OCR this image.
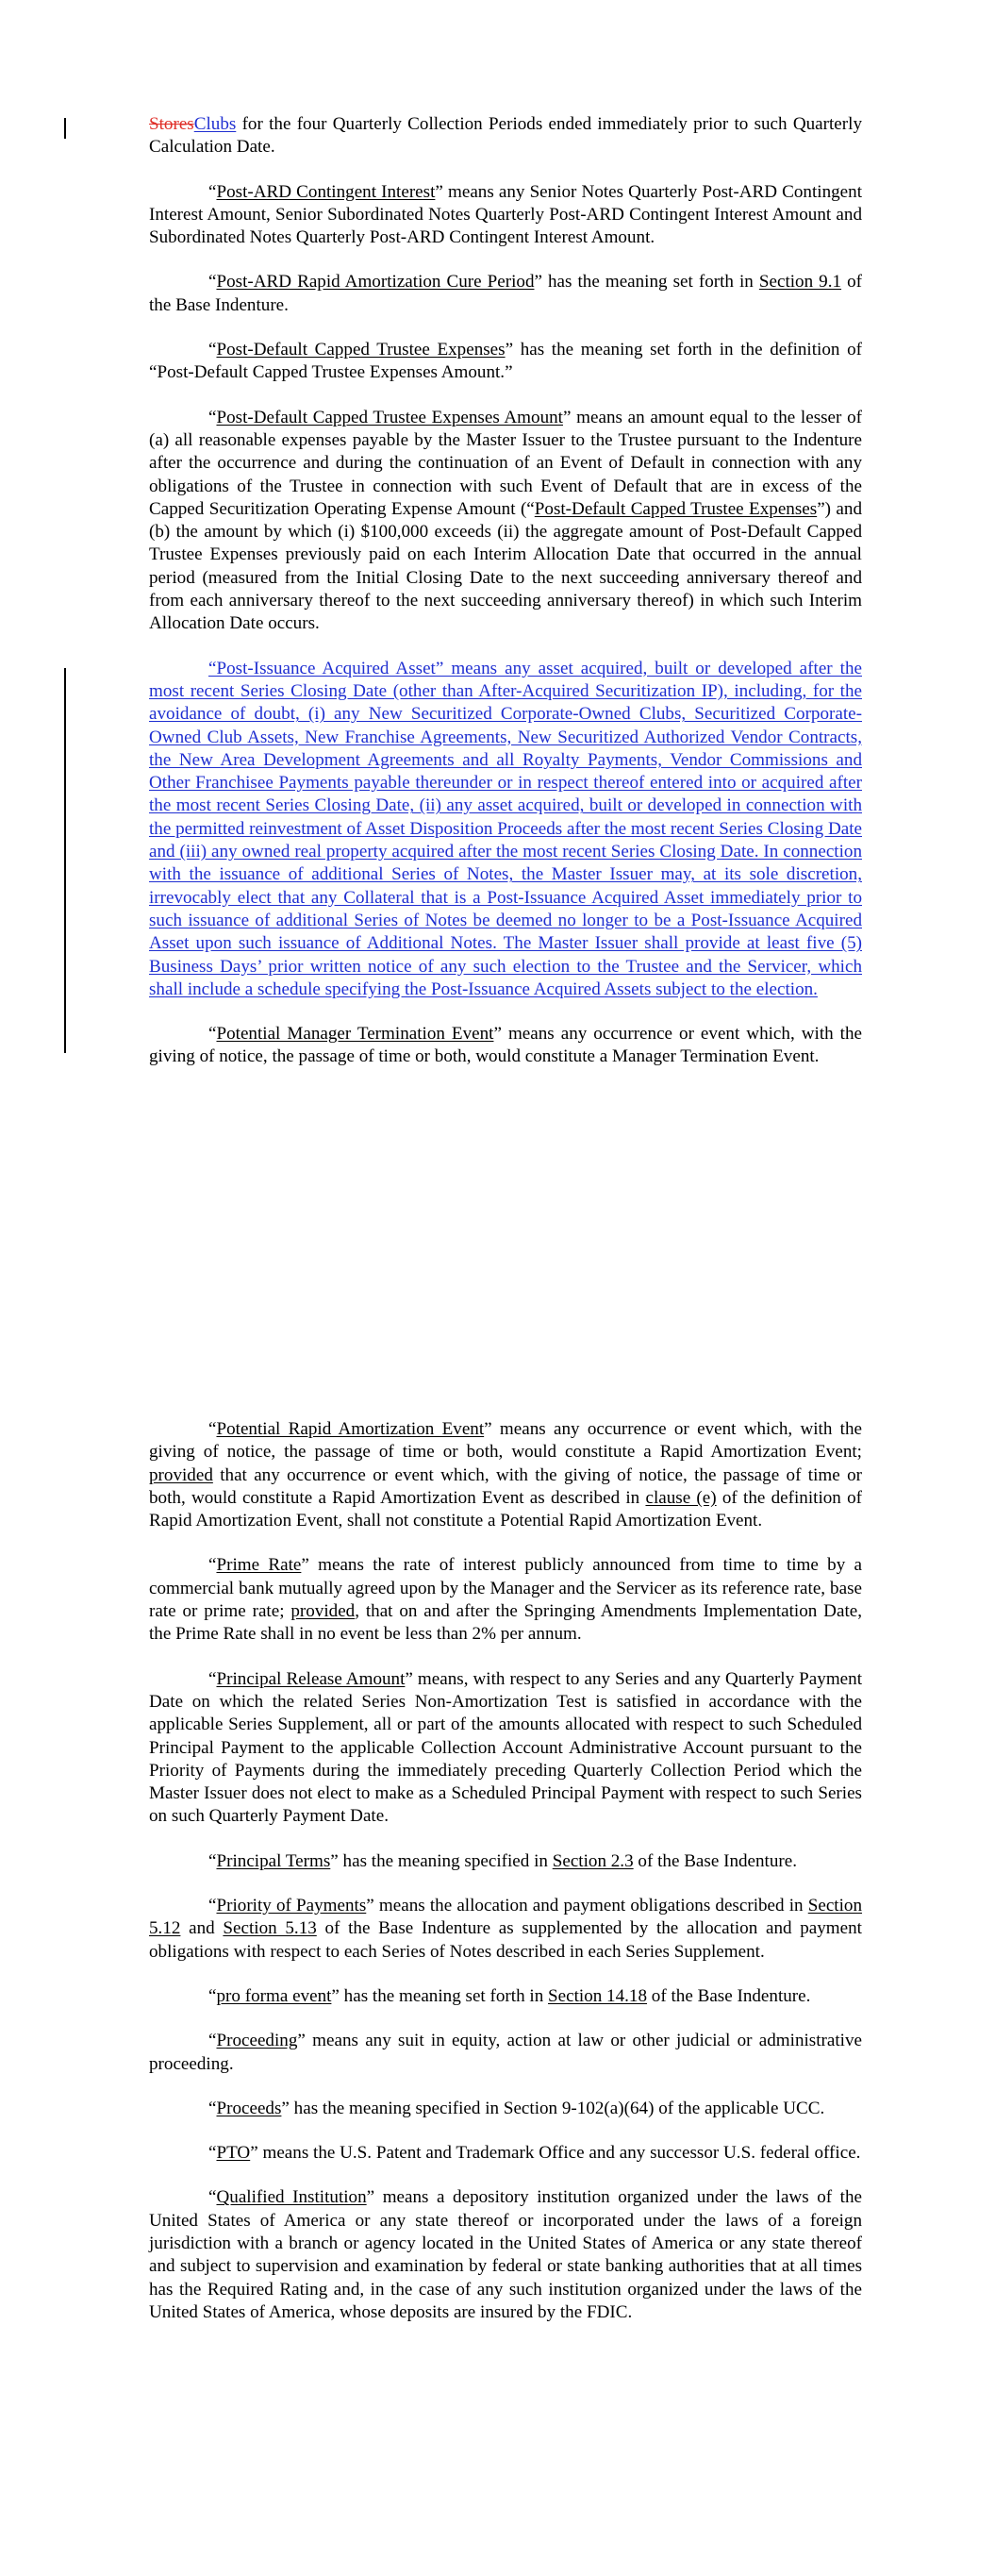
StoresClubs for the four Quarterly Collection Periods ended immediately prior to such Quarterly Calculation Date.

“Post-ARD Contingent Interest” means any Senior Notes Quarterly Post-ARD Contingent Interest Amount, Senior Subordinated Notes Quarterly Post-ARD Contingent Interest Amount and Subordinated Notes Quarterly Post-ARD Contingent Interest Amount.

“Post-ARD Rapid Amortization Cure Period” has the meaning set forth in Section 9.1 of the Base Indenture.

“Post-Default Capped Trustee Expenses” has the meaning set forth in the definition of “Post-Default Capped Trustee Expenses Amount.”

“Post-Default Capped Trustee Expenses Amount” means an amount equal to the lesser of (a) all reasonable expenses payable by the Master Issuer to the Trustee pursuant to the Indenture after the occurrence and during the continuation of an Event of Default in connection with any obligations of the Trustee in connection with such Event of Default that are in excess of the Capped Securitization Operating Expense Amount (“Post-Default Capped Trustee Expenses”) and (b) the amount by which (i) $100,000 exceeds (ii) the aggregate amount of Post-Default Capped Trustee Expenses previously paid on each Interim Allocation Date that occurred in the annual period (measured from the Initial Closing Date to the next succeeding anniversary thereof and from each anniversary thereof to the next succeeding anniversary thereof) in which such Interim Allocation Date occurs.

“Post-Issuance Acquired Asset” means any asset acquired, built or developed after the most recent Series Closing Date (other than After-Acquired Securitization IP), including, for the avoidance of doubt, (i) any New Securitized Corporate-Owned Clubs, Securitized Corporate-Owned Club Assets, New Franchise Agreements, New Securitized Authorized Vendor Contracts, the New Area Development Agreements and all Royalty Payments, Vendor Commissions and Other Franchisee Payments payable thereunder or in respect thereof entered into or acquired after the most recent Series Closing Date, (ii) any asset acquired, built or developed in connection with the permitted reinvestment of Asset Disposition Proceeds after the most recent Series Closing Date and (iii) any owned real property acquired after the most recent Series Closing Date. In connection with the issuance of additional Series of Notes, the Master Issuer may, at its sole discretion, irrevocably elect that any Collateral that is a Post-Issuance Acquired Asset immediately prior to such issuance of additional Series of Notes be deemed no longer to be a Post-Issuance Acquired Asset upon such issuance of Additional Notes. The Master Issuer shall provide at least five (5) Business Days’ prior written notice of any such election to the Trustee and the Servicer, which shall include a schedule specifying the Post-Issuance Acquired Assets subject to the election.

“Potential Manager Termination Event” means any occurrence or event which, with the giving of notice, the passage of time or both, would constitute a Manager Termination Event.

“Potential Rapid Amortization Event” means any occurrence or event which, with the giving of notice, the passage of time or both, would constitute a Rapid Amortization Event; provided that any occurrence or event which, with the giving of notice, the passage of time or both, would constitute a Rapid Amortization Event as described in clause (e) of the definition of Rapid Amortization Event, shall not constitute a Potential Rapid Amortization Event.

“Prime Rate” means the rate of interest publicly announced from time to time by a commercial bank mutually agreed upon by the Manager and the Servicer as its reference rate, base rate or prime rate; provided, that on and after the Springing Amendments Implementation Date, the Prime Rate shall in no event be less than 2% per annum.

“Principal Release Amount” means, with respect to any Series and any Quarterly Payment Date on which the related Series Non-Amortization Test is satisfied in accordance with the applicable Series Supplement, all or part of the amounts allocated with respect to such Scheduled Principal Payment to the applicable Collection Account Administrative Account pursuant to the Priority of Payments during the immediately preceding Quarterly Collection Period which the Master Issuer does not elect to make as a Scheduled Principal Payment with respect to such Series on such Quarterly Payment Date.

“Principal Terms” has the meaning specified in Section 2.3 of the Base Indenture.

“Priority of Payments” means the allocation and payment obligations described in Section 5.12 and Section 5.13 of the Base Indenture as supplemented by the allocation and payment obligations with respect to each Series of Notes described in each Series Supplement.

“pro forma event” has the meaning set forth in Section 14.18 of the Base Indenture.

“Proceeding” means any suit in equity, action at law or other judicial or administrative proceeding.

“Proceeds” has the meaning specified in Section 9-102(a)(64) of the applicable UCC.

“PTO” means the U.S. Patent and Trademark Office and any successor U.S. federal office.

“Qualified Institution” means a depository institution organized under the laws of the United States of America or any state thereof or incorporated under the laws of a foreign jurisdiction with a branch or agency located in the United States of America or any state thereof and subject to supervision and examination by federal or state banking authorities that at all times has the Required Rating and, in the case of any such institution organized under the laws of the United States of America, whose deposits are insured by the FDIC.
